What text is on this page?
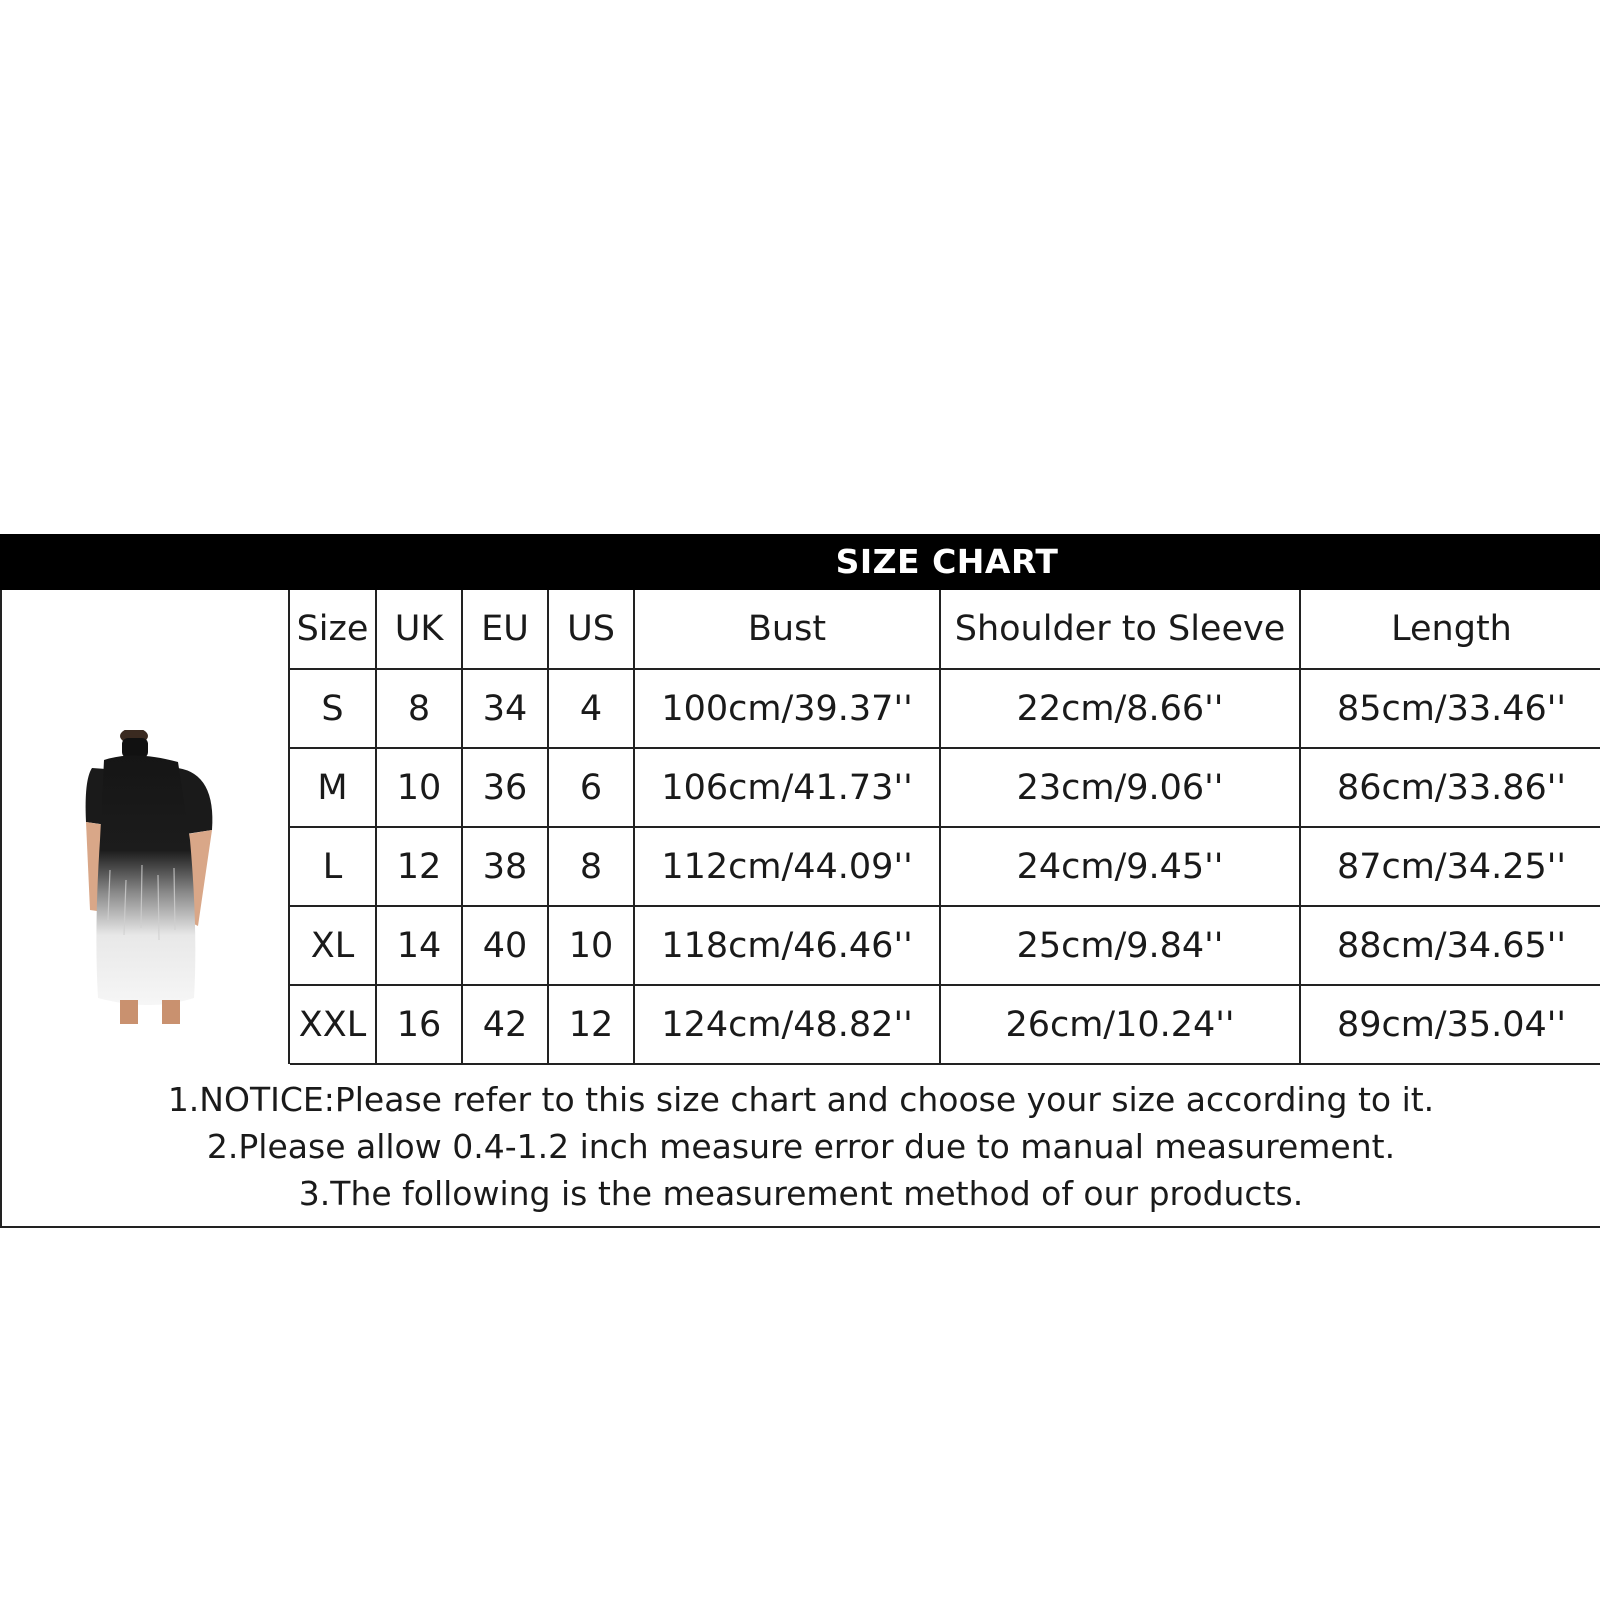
SIZE CHART
Size	UK	EU	US	Bust	Shoulder to Sleeve	Length
S	8	34	4	100cm/39.37''	22cm/8.66''	85cm/33.46''
M	10	36	6	106cm/41.73''	23cm/9.06''	86cm/33.86''
L	12	38	8	112cm/44.09''	24cm/9.45''	87cm/34.25''
XL	14	40	10	118cm/46.46''	25cm/9.84''	88cm/34.65''
XXL	16	42	12	124cm/48.82''	26cm/10.24''	89cm/35.04''
1.NOTICE:Please refer to this size chart and choose your size according to it.
2.Please allow 0.4-1.2 inch measure error due to manual measurement.
3.The following is the measurement method of our products.
